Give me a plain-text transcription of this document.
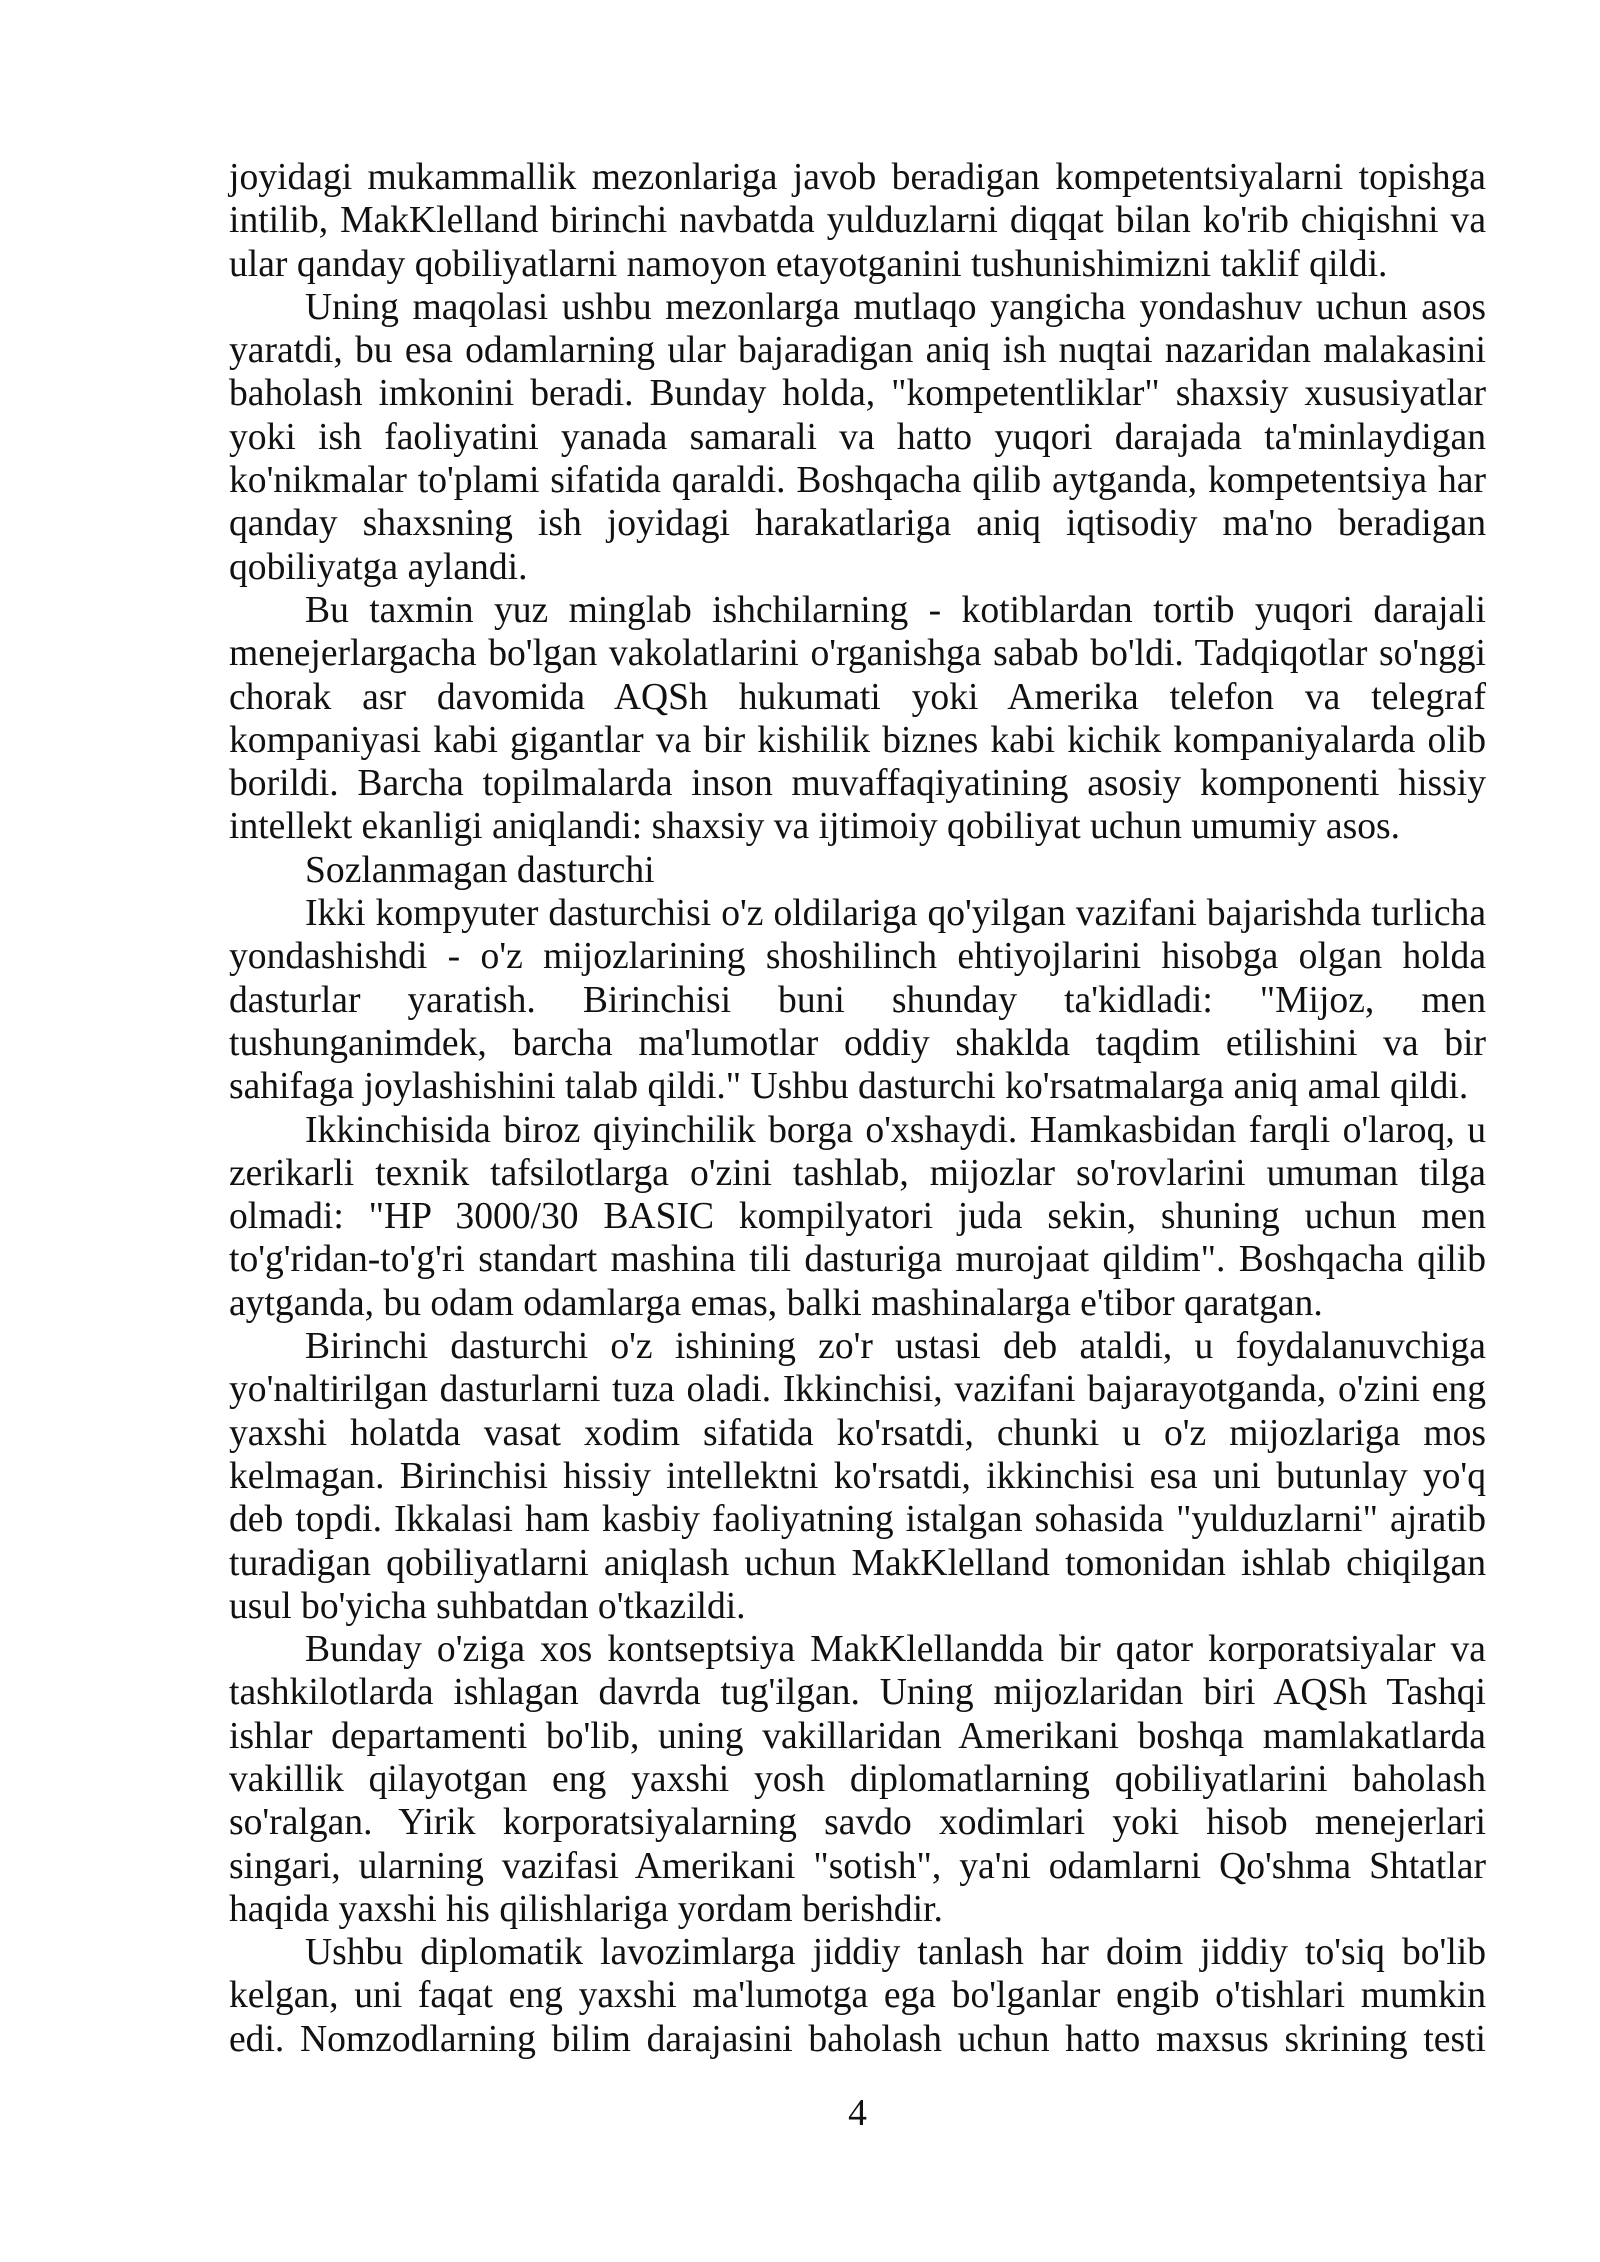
joyidagi mukammallik mezonlariga javob beradigan kompetentsiyalarni topishga
intilib, MakKlelland birinchi navbatda yulduzlarni diqqat bilan ko'rib chiqishni va
ular qanday qobiliyatlarni namoyon etayotganini tushunishimizni taklif qildi.
Uning maqolasi ushbu mezonlarga mutlaqo yangicha yondashuv uchun asos
yaratdi, bu esa odamlarning ular bajaradigan aniq ish nuqtai nazaridan malakasini
baholash imkonini beradi. Bunday holda, "kompetentliklar" shaxsiy xususiyatlar
yoki ish faoliyatini yanada samarali va hatto yuqori darajada ta'minlaydigan
ko'nikmalar to'plami sifatida qaraldi. Boshqacha qilib aytganda, kompetentsiya har
qanday shaxsning ish joyidagi harakatlariga aniq iqtisodiy ma'no beradigan
qobiliyatga aylandi.
Bu taxmin yuz minglab ishchilarning - kotiblardan tortib yuqori darajali
menejerlargacha bo'lgan vakolatlarini o'rganishga sabab bo'ldi. Tadqiqotlar so'nggi
chorak asr davomida AQSh hukumati yoki Amerika telefon va telegraf
kompaniyasi kabi gigantlar va bir kishilik biznes kabi kichik kompaniyalarda olib
borildi. Barcha topilmalarda inson muvaffaqiyatining asosiy komponenti hissiy
intellekt ekanligi aniqlandi: shaxsiy va ijtimoiy qobiliyat uchun umumiy asos.
Sozlanmagan dasturchi
Ikki kompyuter dasturchisi o'z oldilariga qo'yilgan vazifani bajarishda turlicha
yondashishdi - o'z mijozlarining shoshilinch ehtiyojlarini hisobga olgan holda
dasturlar yaratish. Birinchisi buni shunday ta'kidladi: "Mijoz, men
tushunganimdek, barcha ma'lumotlar oddiy shaklda taqdim etilishini va bir
sahifaga joylashishini talab qildi." Ushbu dasturchi ko'rsatmalarga aniq amal qildi.
Ikkinchisida biroz qiyinchilik borga o'xshaydi. Hamkasbidan farqli o'laroq, u
zerikarli texnik tafsilotlarga o'zini tashlab, mijozlar so'rovlarini umuman tilga
olmadi: "HP 3000/30 BASIC kompilyatori juda sekin, shuning uchun men
to'g'ridan-to'g'ri standart mashina tili dasturiga murojaat qildim". Boshqacha qilib
aytganda, bu odam odamlarga emas, balki mashinalarga e'tibor qaratgan.
Birinchi dasturchi o'z ishining zo'r ustasi deb ataldi, u foydalanuvchiga
yo'naltirilgan dasturlarni tuza oladi. Ikkinchisi, vazifani bajarayotganda, o'zini eng
yaxshi holatda vasat xodim sifatida ko'rsatdi, chunki u o'z mijozlariga mos
kelmagan. Birinchisi hissiy intellektni ko'rsatdi, ikkinchisi esa uni butunlay yo'q
deb topdi. Ikkalasi ham kasbiy faoliyatning istalgan sohasida "yulduzlarni" ajratib
turadigan qobiliyatlarni aniqlash uchun MakKlelland tomonidan ishlab chiqilgan
usul bo'yicha suhbatdan o'tkazildi.
Bunday o'ziga xos kontseptsiya MakKlellandda bir qator korporatsiyalar va
tashkilotlarda ishlagan davrda tug'ilgan. Uning mijozlaridan biri AQSh Tashqi
ishlar departamenti bo'lib, uning vakillaridan Amerikani boshqa mamlakatlarda
vakillik qilayotgan eng yaxshi yosh diplomatlarning qobiliyatlarini baholash
so'ralgan. Yirik korporatsiyalarning savdo xodimlari yoki hisob menejerlari
singari, ularning vazifasi Amerikani "sotish", ya'ni odamlarni Qo'shma Shtatlar
haqida yaxshi his qilishlariga yordam berishdir.
Ushbu diplomatik lavozimlarga jiddiy tanlash har doim jiddiy to'siq bo'lib
kelgan, uni faqat eng yaxshi ma'lumotga ega bo'lganlar engib o'tishlari mumkin
edi. Nomzodlarning bilim darajasini baholash uchun hatto maxsus skrining testi
4
